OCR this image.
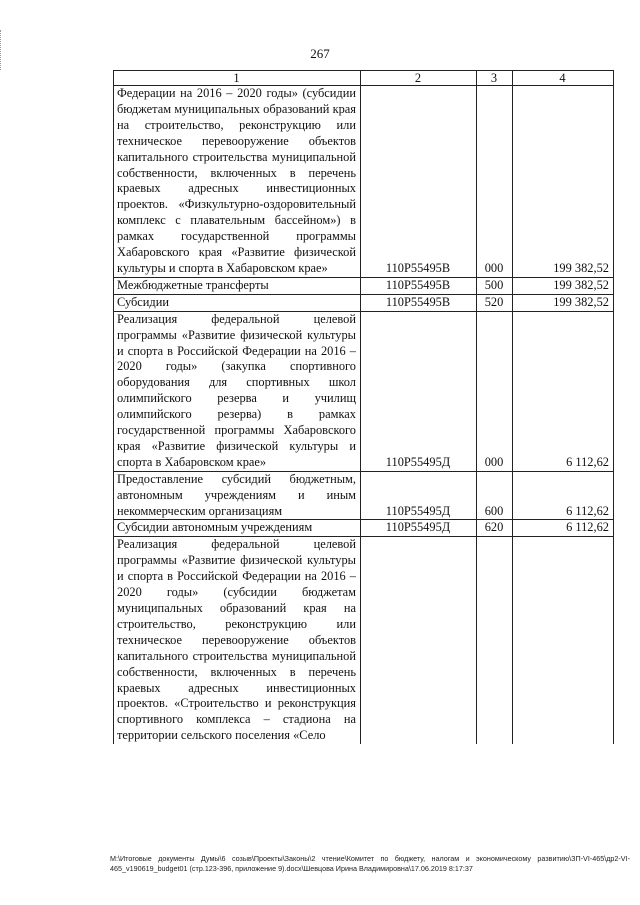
267
1	2	3	4
Федерации на 2016 – 2020 годы» (субсидии бюджетам муниципальных образований края на строительство, реконструкцию или техническое перевооружение объектов капитального строительства муниципальной собственности, включенных в перечень краевых адресных инвестиционных проектов. «Физкультурно-оздоровительный комплекс с плавательным бассейном») в рамках государственной программы Хабаровского края «Развитие физической культуры и спорта в Хабаровском крае»	110P55495B	000	199 382,52
Межбюджетные трансферты	110P55495B	500	199 382,52
Субсидии	110P55495B	520	199 382,52
Реализация федеральной целевой программы «Развитие физической культуры и спорта в Российской Федерации на 2016 – 2020 годы» (закупка спортивного оборудования для спортивных школ олимпийского резерва и училищ олимпийского резерва) в рамках государственной программы Хабаровского края «Развитие физической культуры и спорта в Хабаровском крае»	110P55495Д	000	6 112,62
Предоставление субсидий бюджетным, автономным учреждениям и иным некоммерческим организациям	110P55495Д	600	6 112,62
Субсидии автономным учреждениям	110P55495Д	620	6 112,62
Реализация федеральной целевой программы «Развитие физической культуры и спорта в Российской Федерации на 2016 – 2020 годы» (субсидии бюджетам муниципальных образований края на строительство, реконструкцию или техническое перевооружение объектов капитального строительства муниципальной собственности, включенных в перечень краевых адресных инвестиционных проектов. «Строительство и реконструкция спортивного комплекса – стадиона на территории сельского поселения «Село			
M:\Итоговые документы Думы\6 созыв\Проекты\Законы\2 чтение\Комитет по бюджету, налогам и экономическому развитию\ЗП-VI-465\др2-VI-465_v190619_budget01 (стр.123-396, приложение 9).docx\Шевцова Ирина Владимировна\17.06.2019 8:17:37
